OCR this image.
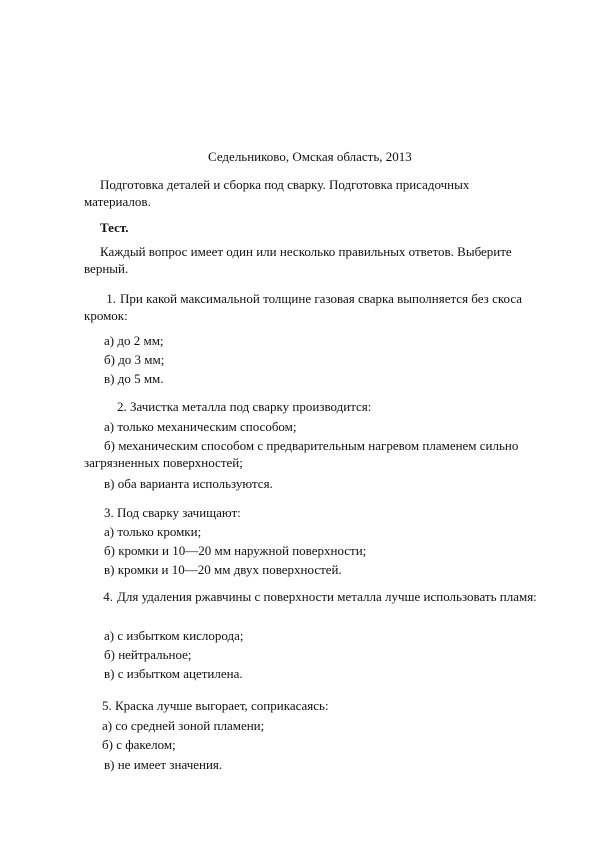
Седельниково, Омская область, 2013
Подготовка деталей и сборка под сварку. Подготовка присадочных материалов.
Тест.
Каждый вопрос имеет один или несколько правильных ответов. Выберите верный.
1. При какой максимальной толщине газовая сварка выполняется без скоса кромок:
а) до 2 мм;
б) до 3 мм;
в) до 5 мм.
2. Зачистка металла под сварку производится:
а) только механическим способом;
б) механическим способом с предварительным нагревом пламенем сильно загрязненных поверхностей;
в) оба варианта используются.
3. Под сварку зачищают:
а) только кромки;
б) кромки и 10—20 мм наружной поверхности;
в) кромки и 10—20 мм двух поверхностей.
4. Для удаления ржавчины с поверхности металла лучше использовать пламя:
а) с избытком кислорода;
б) нейтральное;
в) с избытком ацетилена.
5. Краска лучше выгорает, соприкасаясь:
а) со средней зоной пламени;
б) с факелом;
в) не имеет значения.
